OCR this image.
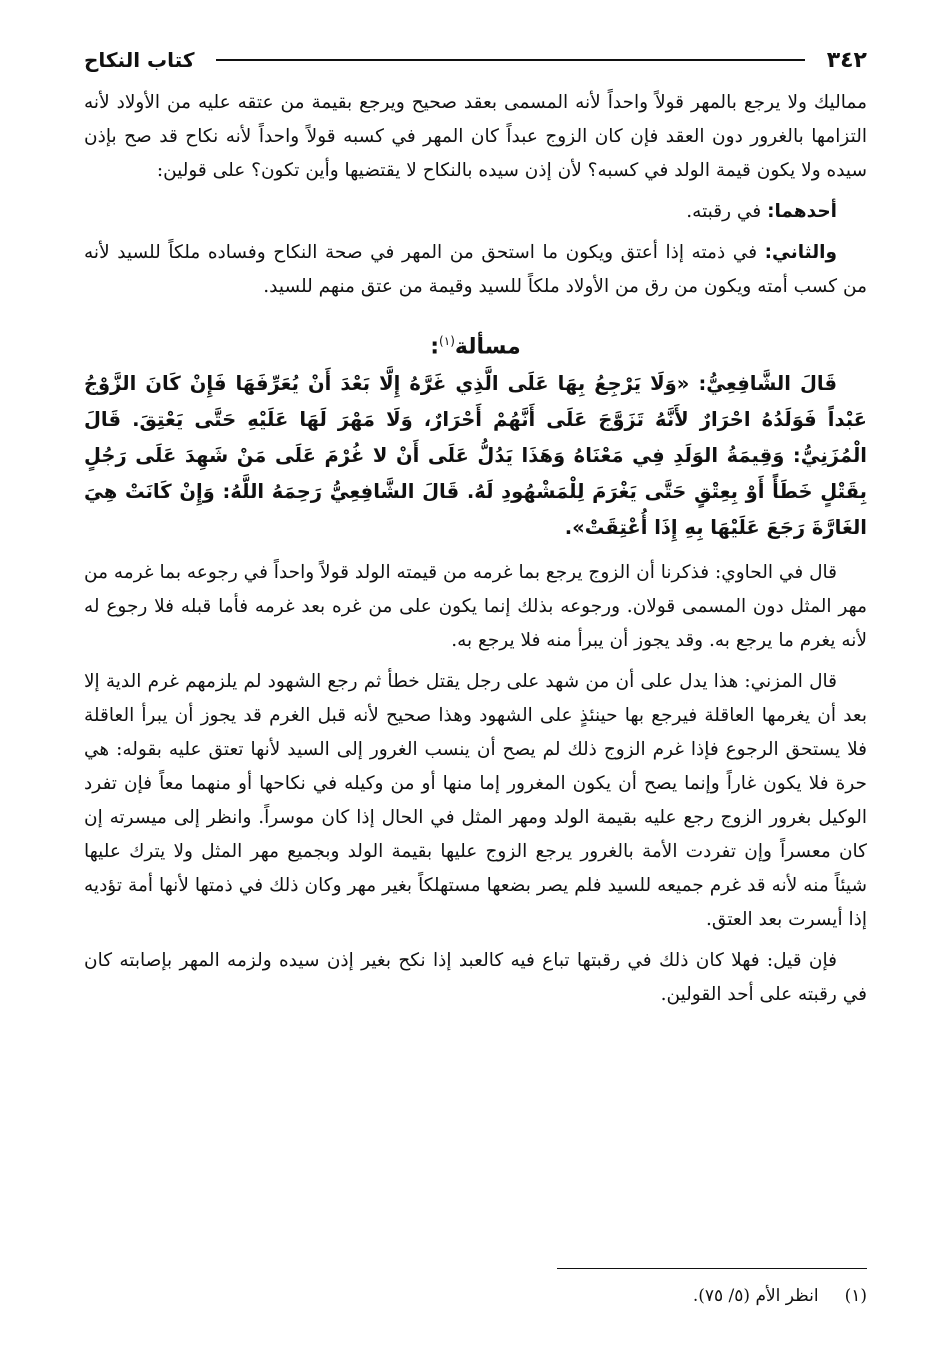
٣٤٢
كتاب النكاح

مماليك ولا يرجع بالمهر قولاً واحداً لأنه المسمى بعقد صحيح ويرجع بقيمة من عتقه عليه من الأولاد لأنه التزامها بالغرور دون العقد فإن كان الزوج عبداً كان المهر في كسبه قولاً واحداً لأنه نكاح قد صح بإذن سيده ولا يكون قيمة الولد في كسبه؟ لأن إذن سيده بالنكاح لا يقتضيها وأين تكون؟ على قولين:

أحدهما: في رقبته.

والثاني: في ذمته إذا أعتق ويكون ما استحق من المهر في صحة النكاح وفساده ملكاً للسيد لأنه من كسب أمته ويكون من رق من الأولاد ملكاً للسيد وقيمة من عتق منهم للسيد.

مسألة$^{(١)}$:

قَالَ الشَّافِعِيُّ: «وَلَا يَرْجِعُ بِهَا عَلَى الَّذِي غَرَّهُ إِلَّا بَعْدَ أَنْ يُعَرِّفَهَا فَإِنْ كَانَ الزَّوْجُ عَبْداً فَوَلَدُهُ احْرَارٌ لأَنَّهُ تَزَوَّجَ عَلَى أَنَّهُمْ أَحْرَارٌ، وَلَا مَهْرَ لَهَا عَلَيْهِ حَتَّى يَعْتِقَ. قَالَ الْمُزَنِيُّ: وَقِيمَةُ الوَلَدِ فِي مَعْنَاهُ وَهَذَا يَدُلُّ عَلَى أَنْ لا غُرْمَ عَلَى مَنْ شَهِدَ عَلَى رَجُلٍ بِقَتْلٍ خَطَأً أَوْ بِعِتْقٍ حَتَّى يَغْرَمَ لِلْمَشْهُودِ لَهُ. قَالَ الشَّافِعِيُّ رَحِمَهُ اللَّهُ: وَإِنْ كَانَتْ هِيَ الغَارَّةَ رَجَعَ عَلَيْهَا بِهِ إِذَا أُعْتِقَتْ».

قال في الحاوي: فذكرنا أن الزوج يرجع بما غرمه من قيمته الولد قولاً واحداً في رجوعه بما غرمه من مهر المثل دون المسمى قولان. ورجوعه بذلك إنما يكون على من غره بعد غرمه فأما قبله فلا رجوع له لأنه يغرم ما يرجع به. وقد يجوز أن يبرأ منه فلا يرجع به.

قال المزني: هذا يدل على أن من شهد على رجل يقتل خطأ ثم رجع الشهود لم يلزمهم غرم الدية إلا بعد أن يغرمها العاقلة فيرجع بها حينئذٍ على الشهود وهذا صحيح لأنه قبل الغرم قد يجوز أن يبرأ العاقلة فلا يستحق الرجوع فإذا غرم الزوج ذلك لم يصح أن ينسب الغرور إلى السيد لأنها تعتق عليه بقوله: هي حرة فلا يكون غاراً وإنما يصح أن يكون المغرور إما منها أو من وكيله في نكاحها أو منهما معاً فإن تفرد الوكيل بغرور الزوج رجع عليه بقيمة الولد ومهر المثل في الحال إذا كان موسراً. وانظر إلى ميسرته إن كان معسراً وإن تفردت الأمة بالغرور يرجع الزوج عليها بقيمة الولد وبجميع مهر المثل ولا يترك عليها شيئاً منه لأنه قد غرم جميعه للسيد فلم يصر بضعها مستهلكاً بغير مهر وكان ذلك في ذمتها لأنها أمة تؤديه إذا أيسرت بعد العتق.

فإن قيل: فهلا كان ذلك في رقبتها تباع فيه كالعبد إذا نكح بغير إذن سيده ولزمه المهر بإصابته كان في رقبته على أحد القولين.

(١)
انظر الأم (٥/ ٧٥).
